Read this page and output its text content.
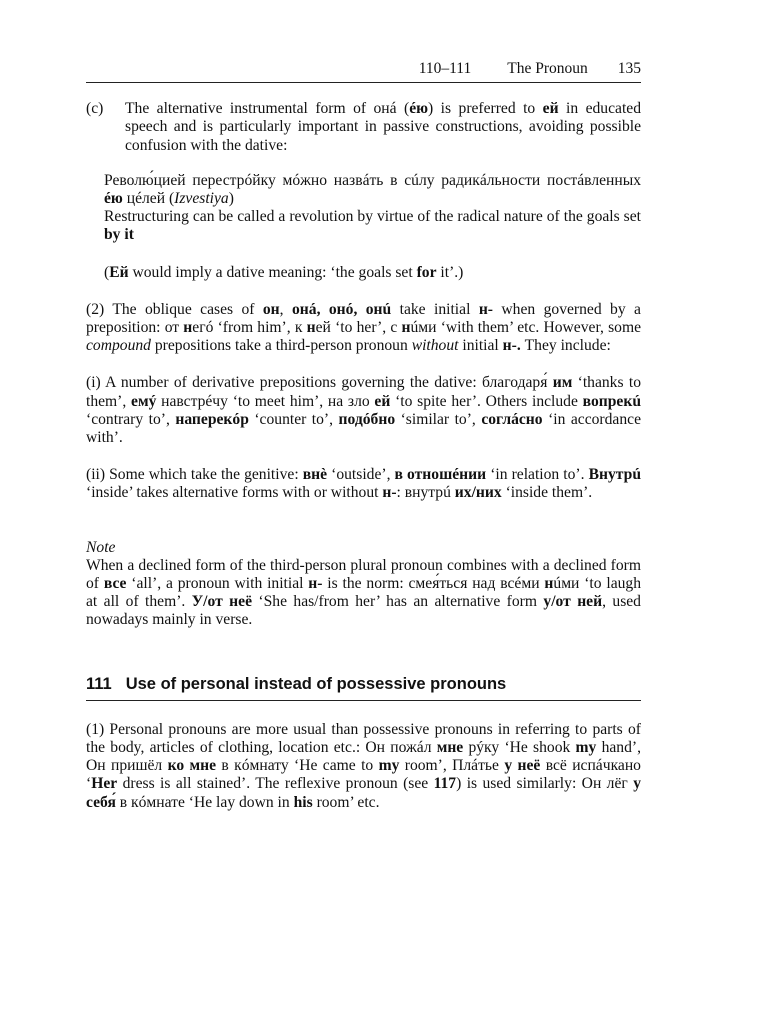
110–111 The Pronoun 135
(c)	The alternative instrumental form of онá (éю) is preferred to ей in educated speech and is particularly important in passive constructions, avoiding possible confusion with the dative:

Револю́цией перестрóйку мóжно назвáть в сúлу радикáльности постáвленных éю цéлей (Izvestiya)

Restructuring can be called a revolution by virtue of the radical nature of the goals set by it

(Ей would imply a dative meaning: ‘the goals set for it’.)

(2) The oblique cases of он, онá, онó, онú take initial н- when governed by a preposition: от негó ‘from him’, к ней ‘to her’, с нúми ‘with them’ etc. However, some compound prepositions take a third-person pronoun without initial н-. They include:

(i) A number of derivative prepositions governing the dative: благодаря́ им ‘thanks to them’, емý навстрéчу ‘to meet him’, на зло ей ‘to spite her’. Others include вопрекú ‘contrary to’, наперекóр ‘counter to’, подóбно ‘similar to’, соглáсно ‘in accordance with’.

(ii) Some which take the genitive: внè ‘outside’, в отношéнии ‘in relation to’. Внутрú ‘inside’ takes alternative forms with or without н-: внутрú их/них ‘inside them’.

Note

When a declined form of the third-person plural pronoun combines with a declined form of все ‘all’, a pronoun with initial н- is the norm: смея́ться над всéми нúми ‘to laugh at all of them’. У/от неё ‘She has/from her’ has an alternative form у/от ней, used nowadays mainly in verse.

111 Use of personal instead of possessive pronouns

(1) Personal pronouns are more usual than possessive pronouns in referring to parts of the body, articles of clothing, location etc.: Он пожáл мне рýку ‘He shook my hand’, Он пришёл ко мне в кóмнату ‘He came to my room’, Плáтье у неё всё испáчкано ‘Her dress is all stained’. The reflexive pronoun (see 117) is used similarly: Он лёг у себя́ в кóмнате ‘He lay down in his room’ etc.
